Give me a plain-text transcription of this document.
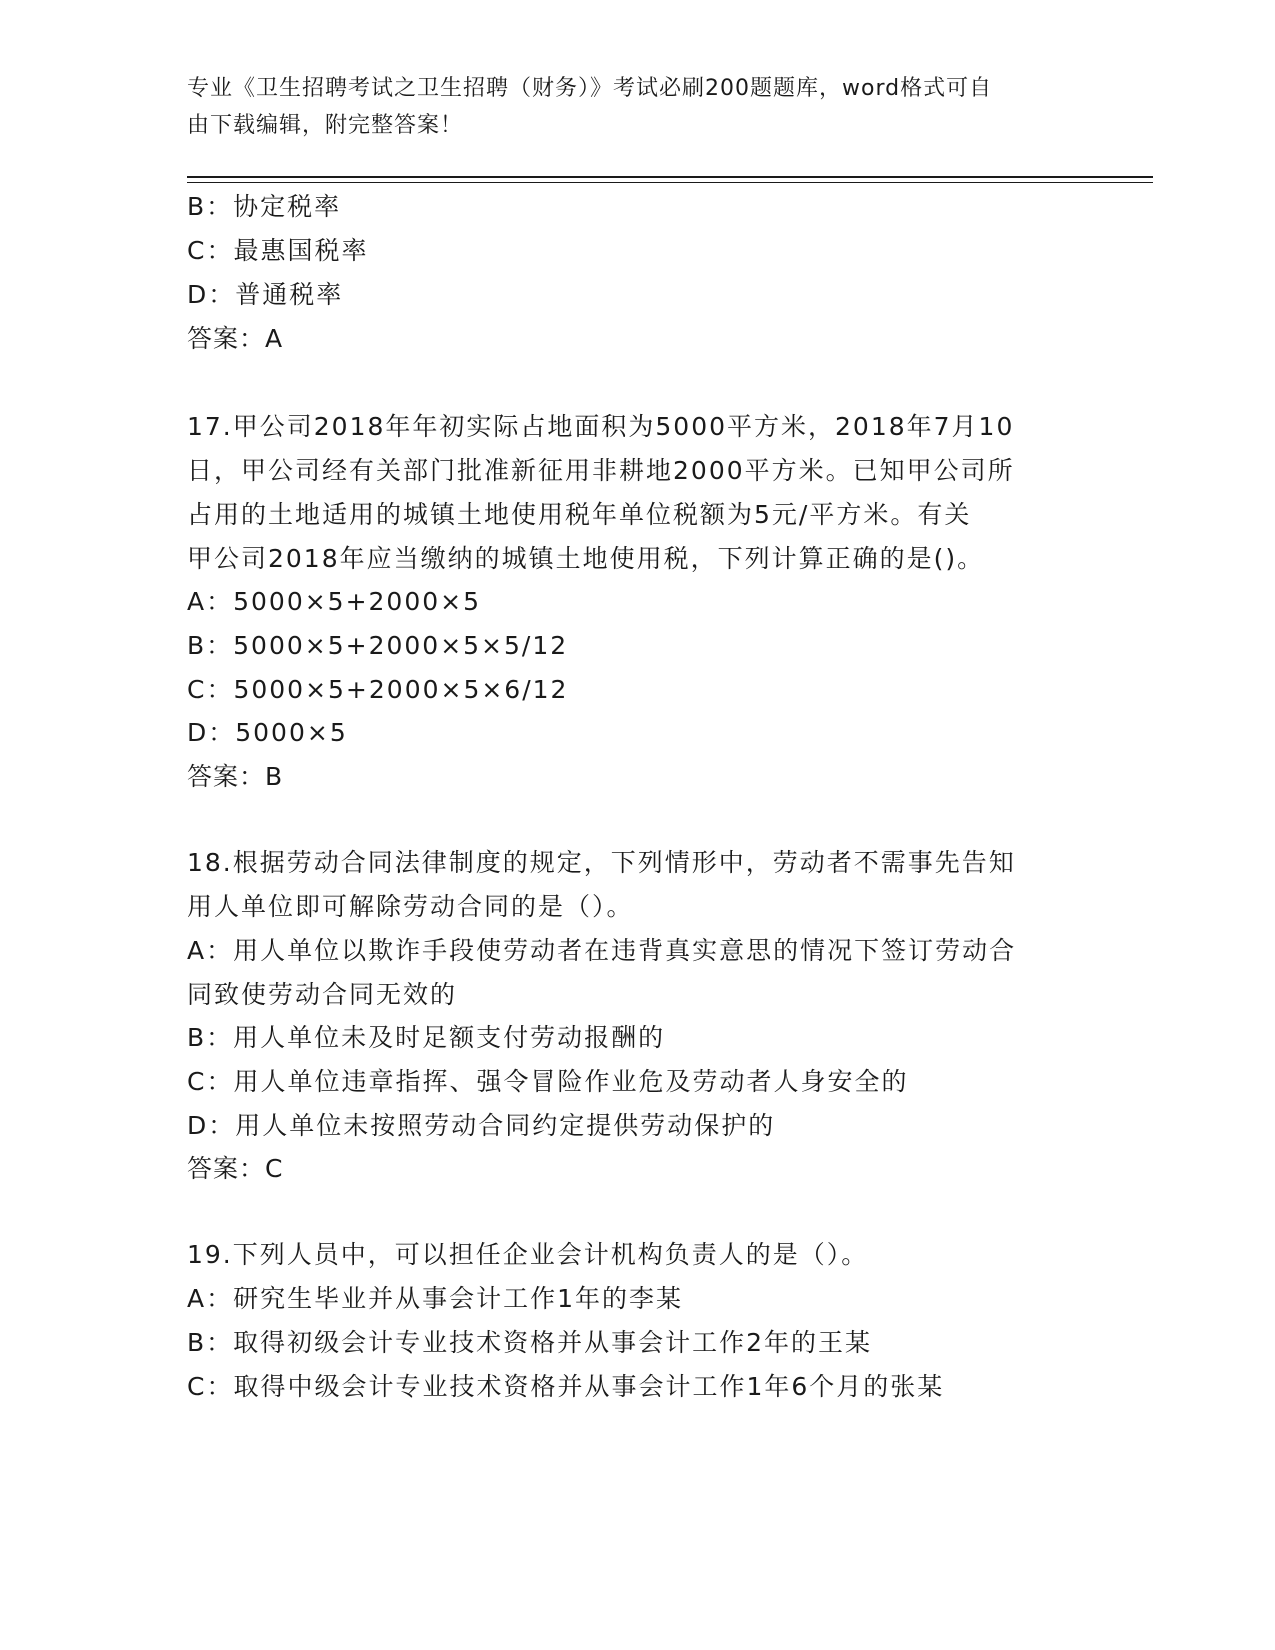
专业《卫生招聘考试之卫生招聘（财务）》考试必刷200题题库，word格式可自
由下载编辑，附完整答案！
B：协定税率
C：最惠国税率
D：普通税率
答案：A
17.甲公司2018年年初实际占地面积为5000平方米，2018年7月10
日，甲公司经有关部门批准新征用非耕地2000平方米。已知甲公司所
占用的土地适用的城镇土地使用税年单位税额为5元/平方米。有关
甲公司2018年应当缴纳的城镇土地使用税，下列计算正确的是()。
A：5000×5+2000×5
B：5000×5+2000×5×5/12
C：5000×5+2000×5×6/12
D：5000×5
答案：B
18.根据劳动合同法律制度的规定，下列情形中，劳动者不需事先告知
用人单位即可解除劳动合同的是（）。
A：用人单位以欺诈手段使劳动者在违背真实意思的情况下签订劳动合
同致使劳动合同无效的
B：用人单位未及时足额支付劳动报酬的
C：用人单位违章指挥、强令冒险作业危及劳动者人身安全的
D：用人单位未按照劳动合同约定提供劳动保护的
答案：C
19.下列人员中，可以担任企业会计机构负责人的是（）。
A：研究生毕业并从事会计工作1年的李某
B：取得初级会计专业技术资格并从事会计工作2年的王某
C：取得中级会计专业技术资格并从事会计工作1年6个月的张某
